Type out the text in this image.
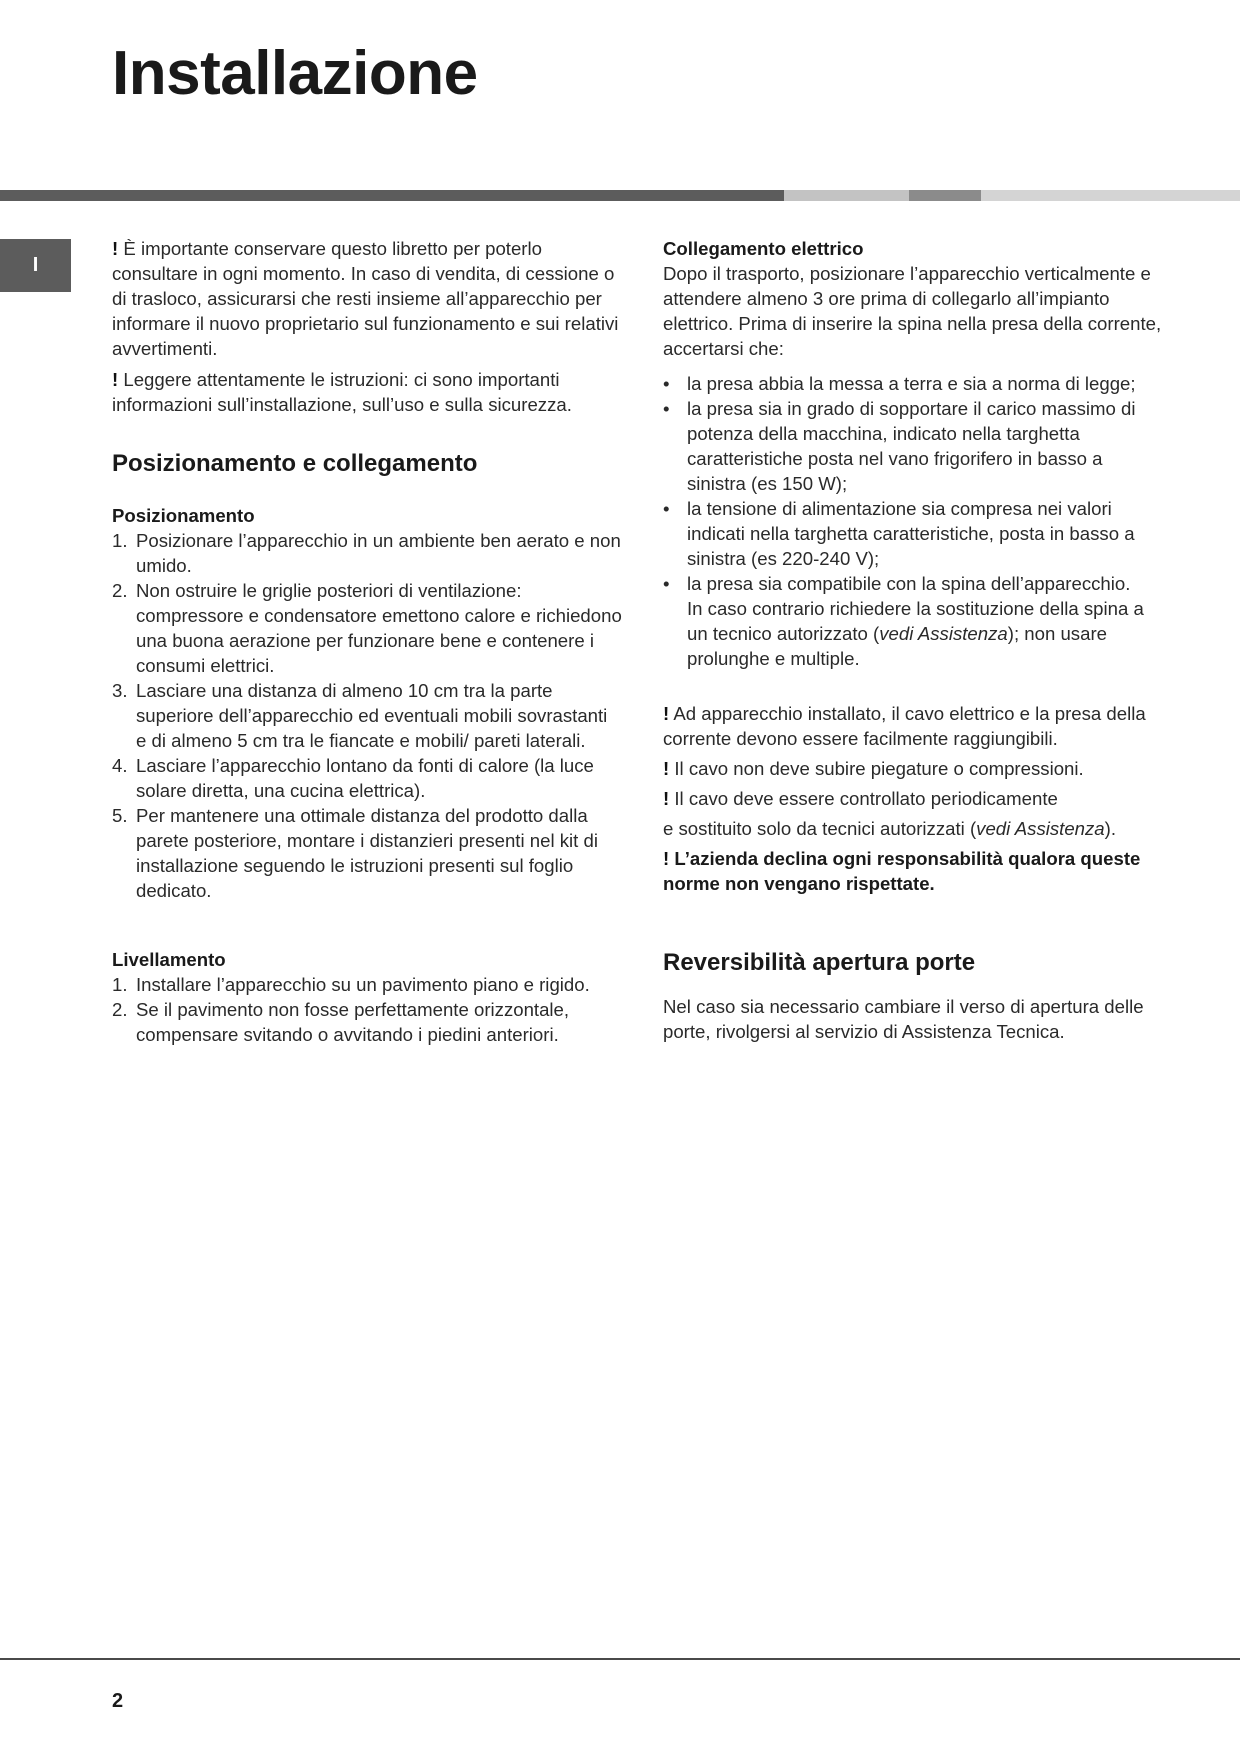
Installazione
I

! È importante conservare questo libretto per poterlo consultare in ogni momento. In caso di vendita, di cessione o di trasloco, assicurarsi che resti insieme all’apparecchio per informare il nuovo proprietario sul funzionamento e sui relativi avvertimenti.

! Leggere attentamente le istruzioni: ci sono importanti informazioni sull’installazione, sull’uso e sulla sicurezza.

Posizionamento e collegamento
Posizionamento
1. Posizionare l’apparecchio in un ambiente ben aerato e non umido.
2. Non ostruire le griglie posteriori di ventilazione: compressore e condensatore emettono calore e richiedono una buona aerazione per funzionare bene e contenere i consumi elettrici.
3. Lasciare una distanza di almeno 10 cm tra la parte superiore dell’apparecchio ed eventuali mobili sovrastanti e di almeno 5 cm tra le fiancate e mobili/ pareti laterali.
4. Lasciare l’apparecchio lontano da fonti di calore (la luce solare diretta, una cucina elettrica).
5. Per mantenere una ottimale distanza del prodotto dalla parete posteriore, montare i distanzieri presenti nel kit di installazione seguendo le istruzioni presenti sul foglio dedicato.
Livellamento
1. Installare l’apparecchio su un pavimento piano e rigido.
2. Se il pavimento non fosse perfettamente orizzontale, compensare svitando o avvitando i piedini anteriori.
Collegamento elettrico

Dopo il trasporto, posizionare l’apparecchio verticalmente e attendere almeno 3 ore prima di collegarlo all’impianto elettrico. Prima di inserire la spina nella presa della corrente, accertarsi che:

• la presa abbia la messa a terra e sia a norma di legge;
• la presa sia in grado di sopportare il carico massimo di potenza della macchina, indicato nella targhetta caratteristiche posta nel vano frigorifero in basso a sinistra (es 150 W);
• la tensione di alimentazione sia compresa nei valori indicati nella targhetta caratteristiche, posta in basso a sinistra (es 220-240 V);
• la presa sia compatibile con la spina dell’apparecchio.
In caso contrario richiedere la sostituzione della spina a un tecnico autorizzato (vedi Assistenza); non usare prolunghe e multiple.

! Ad apparecchio installato, il cavo elettrico e la presa della corrente devono essere facilmente raggiungibili.

! Il cavo non deve subire piegature o compressioni.

! Il cavo deve essere controllato periodicamente

e sostituito solo da tecnici autorizzati (vedi Assistenza).

! L’azienda declina ogni responsabilità qualora queste norme non vengano rispettate.

Reversibilità apertura porte

Nel caso sia necessario cambiare il verso di apertura delle porte, rivolgersi al servizio di Assistenza Tecnica.

2
